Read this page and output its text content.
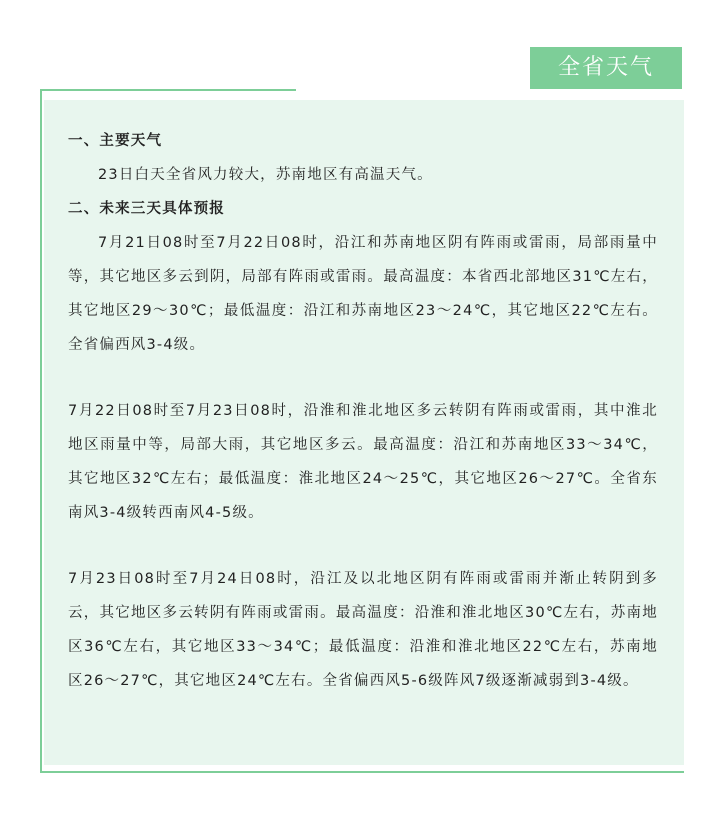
全省天气

一、主要天气

23日白天全省风力较大，苏南地区有高温天气。

二、未来三天具体预报

7月21日08时至7月22日08时，沿江和苏南地区阴有阵雨或雷雨，局部雨量中等，其它地区多云到阴，局部有阵雨或雷雨。最高温度：本省西北部地区31℃左右，其它地区29～30℃；最低温度：沿江和苏南地区23～24℃，其它地区22℃左右。全省偏西风3-4级。

7月22日08时至7月23日08时，沿淮和淮北地区多云转阴有阵雨或雷雨，其中淮北地区雨量中等，局部大雨，其它地区多云。最高温度：沿江和苏南地区33～34℃，其它地区32℃左右；最低温度：淮北地区24～25℃，其它地区26～27℃。全省东南风3-4级转西南风4-5级。

7月23日08时至7月24日08时，沿江及以北地区阴有阵雨或雷雨并渐止转阴到多云，其它地区多云转阴有阵雨或雷雨。最高温度：沿淮和淮北地区30℃左右，苏南地区36℃左右，其它地区33～34℃；最低温度：沿淮和淮北地区22℃左右，苏南地区26～27℃，其它地区24℃左右。全省偏西风5-6级阵风7级逐渐减弱到3-4级。
